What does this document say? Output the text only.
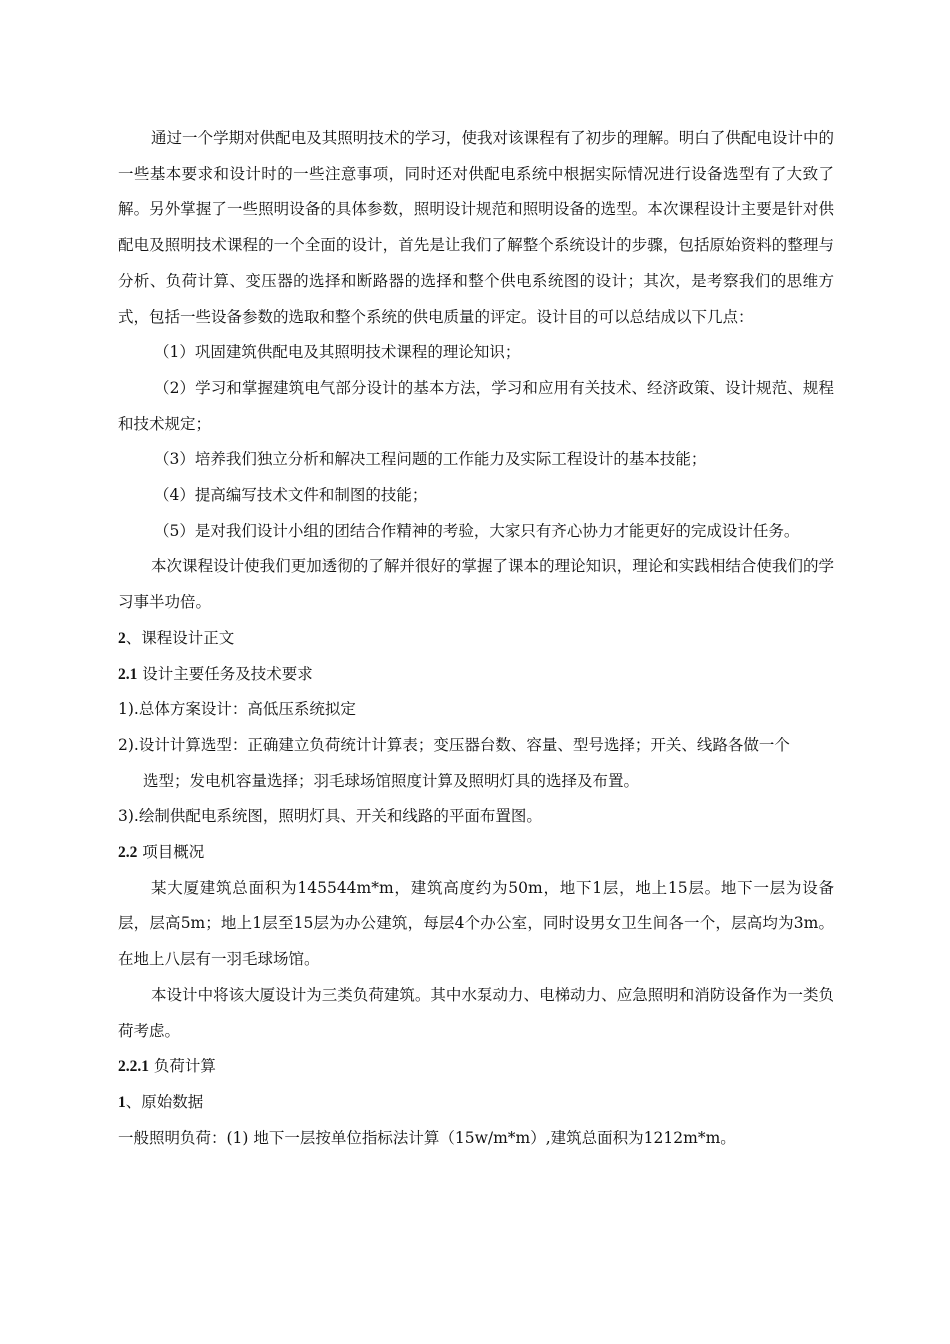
通过一个学期对供配电及其照明技术的学习，使我对该课程有了初步的理解。明白了供配电设计中的一些基本要求和设计时的一些注意事项，同时还对供配电系统中根据实际情况进行设备选型有了大致了解。另外掌握了一些照明设备的具体参数，照明设计规范和照明设备的选型。本次课程设计主要是针对供配电及照明技术课程的一个全面的设计，首先是让我们了解整个系统设计的步骤，包括原始资料的整理与分析、负荷计算、变压器的选择和断路器的选择和整个供电系统图的设计；其次，是考察我们的思维方式，包括一些设备参数的选取和整个系统的供电质量的评定。设计目的可以总结成以下几点：

（1）巩固建筑供配电及其照明技术课程的理论知识；

（2）学习和掌握建筑电气部分设计的基本方法，学习和应用有关技术、经济政策、设计规范、规程和技术规定；

（3）培养我们独立分析和解决工程问题的工作能力及实际工程设计的基本技能；

（4）提高编写技术文件和制图的技能；

（5）是对我们设计小组的团结合作精神的考验，大家只有齐心协力才能更好的完成设计任务。

本次课程设计使我们更加透彻的了解并很好的掌握了课本的理论知识，理论和实践相结合使我们的学习事半功倍。

2、课程设计正文

2.1 设计主要任务及技术要求

1).总体方案设计：高低压系统拟定

2).设计计算选型：正确建立负荷统计计算表；变压器台数、容量、型号选择；开关、线路各做一个

选型；发电机容量选择；羽毛球场馆照度计算及照明灯具的选择及布置。

3).绘制供配电系统图，照明灯具、开关和线路的平面布置图。

2.2 项目概况

某大厦建筑总面积为145544m*m，建筑高度约为50m，地下1层，地上15层。地下一层为设备层，层高5m；地上1层至15层为办公建筑，每层4个办公室，同时设男女卫生间各一个，层高均为3m。在地上八层有一羽毛球场馆。

本设计中将该大厦设计为三类负荷建筑。其中水泵动力、电梯动力、应急照明和消防设备作为一类负荷考虑。

2.2.1 负荷计算

1、原始数据

一般照明负荷：(1) 地下一层按单位指标法计算（15w/m*m）,建筑总面积为1212m*m。
